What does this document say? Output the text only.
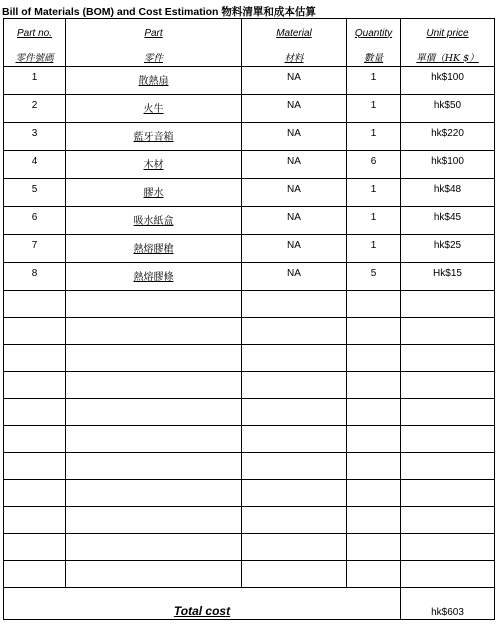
Bill of Materials (BOM) and Cost Estimation 物料清單和成本估算
Part no.	Part	Material	Quantity	Unit price
零件號碼	零件	材料	數量	單價（HK $）
1	散熱扇	NA	1	hk$100
2	火牛	NA	1	hk$50
3	藍牙音箱	NA	1	hk$220
4	木材	NA	6	hk$100
5	膠水	NA	1	hk$48
6	吸水紙盒	NA	1	hk$45
7	熱熔膠槍	NA	1	hk$25
8	熱熔膠條	NA	5	Hk$15

Total cost				hk$603
